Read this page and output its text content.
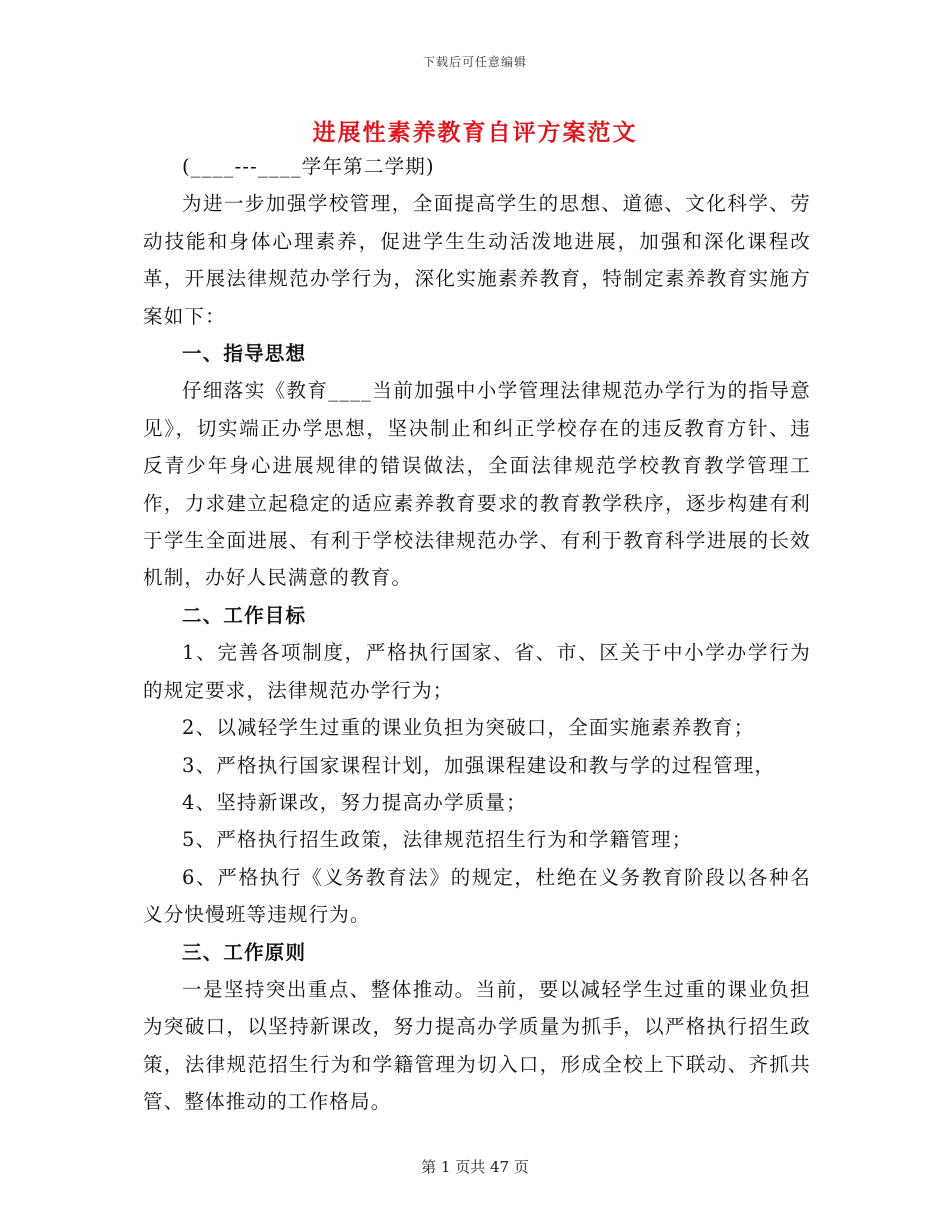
下载后可任意编辑
进展性素养教育自评方案范文

(____---____学年第二学期)

为进一步加强学校管理，全面提高学生的思想、道德、文化科学、劳动技能和身体心理素养，促进学生生动活泼地进展，加强和深化课程改革，开展法律规范办学行为，深化实施素养教育，特制定素养教育实施方案如下：

一、指导思想

仔细落实《教育____当前加强中小学管理法律规范办学行为的指导意见》，切实端正办学思想，坚决制止和纠正学校存在的违反教育方针、违反青少年身心进展规律的错误做法，全面法律规范学校教育教学管理工作，力求建立起稳定的适应素养教育要求的教育教学秩序，逐步构建有利于学生全面进展、有利于学校法律规范办学、有利于教育科学进展的长效机制，办好人民满意的教育。

二、工作目标

1、完善各项制度，严格执行国家、省、市、区关于中小学办学行为的规定要求，法律规范办学行为；

2、以减轻学生过重的课业负担为突破口，全面实施素养教育；

3、严格执行国家课程计划，加强课程建设和教与学的过程管理，

4、坚持新课改，努力提高办学质量；

5、严格执行招生政策，法律规范招生行为和学籍管理；

6、严格执行《义务教育法》的规定，杜绝在义务教育阶段以各种名义分快慢班等违规行为。

三、工作原则

一是坚持突出重点、整体推动。当前，要以减轻学生过重的课业负担为突破口，以坚持新课改，努力提高办学质量为抓手，以严格执行招生政策，法律规范招生行为和学籍管理为切入口，形成全校上下联动、齐抓共管、整体推动的工作格局。

第 1 页共 47 页
